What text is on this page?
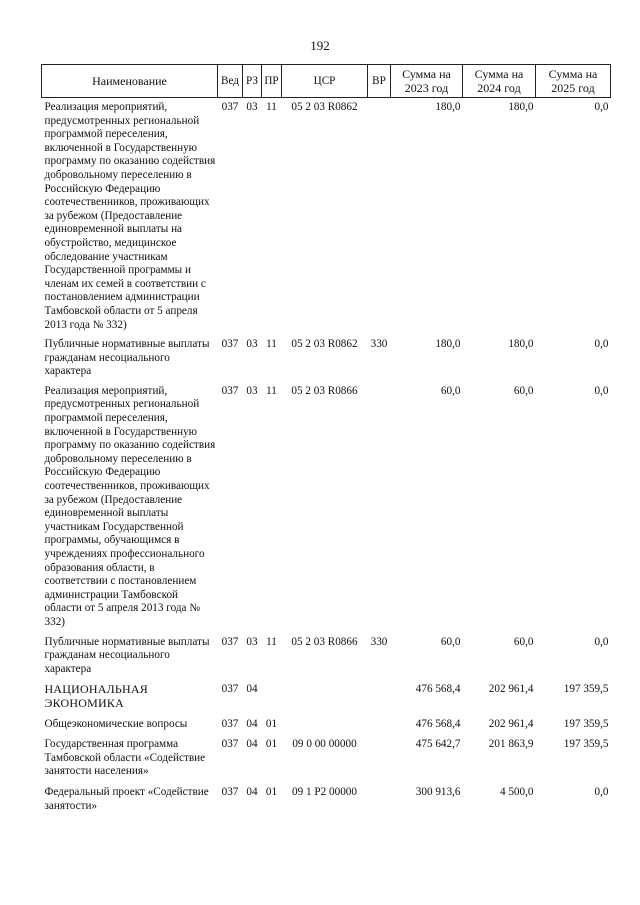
192
Наименование	Вед	РЗ	ПР	ЦСР	ВР	Сумма на 2023 год	Сумма на 2024 год	Сумма на 2025 год
Реализация мероприятий, предусмотренных региональной программой переселения, включенной в Государственную программу по оказанию содействия добровольному переселению в Российскую Федерацию соотечественников, проживающих за рубежом (Предоставление единовременной выплаты на обустройство, медицинское обследование участникам Государственной программы и членам их семей в соответствии с постановлением администрации Тамбовской области от 5 апреля 2013 года № 332)	037	03	11	05 2 03 R0862		180,0	180,0	0,0
Публичные нормативные выплаты гражданам несоциального характера	037	03	11	05 2 03 R0862	330	180,0	180,0	0,0
Реализация мероприятий, предусмотренных региональной программой переселения, включенной в Государственную программу по оказанию содействия добровольному переселению в Российскую Федерацию соотечественников, проживающих за рубежом (Предоставление единовременной выплаты участникам Государственной программы, обучающимся в учреждениях профессионального образования области, в соответствии с постановлением администрации Тамбовской области от 5 апреля 2013 года № 332)	037	03	11	05 2 03 R0866		60,0	60,0	0,0
Публичные нормативные выплаты гражданам несоциального характера	037	03	11	05 2 03 R0866	330	60,0	60,0	0,0
НАЦИОНАЛЬНАЯ ЭКОНОМИКА	037	04				476 568,4	202 961,4	197 359,5
Общеэкономические вопросы	037	04	01			476 568,4	202 961,4	197 359,5
Государственная программа Тамбовской области «Содействие занятости населения»	037	04	01	09 0 00 00000		475 642,7	201 863,9	197 359,5
Федеральный проект «Содействие занятости»	037	04	01	09 1 P2 00000		300 913,6	4 500,0	0,0
